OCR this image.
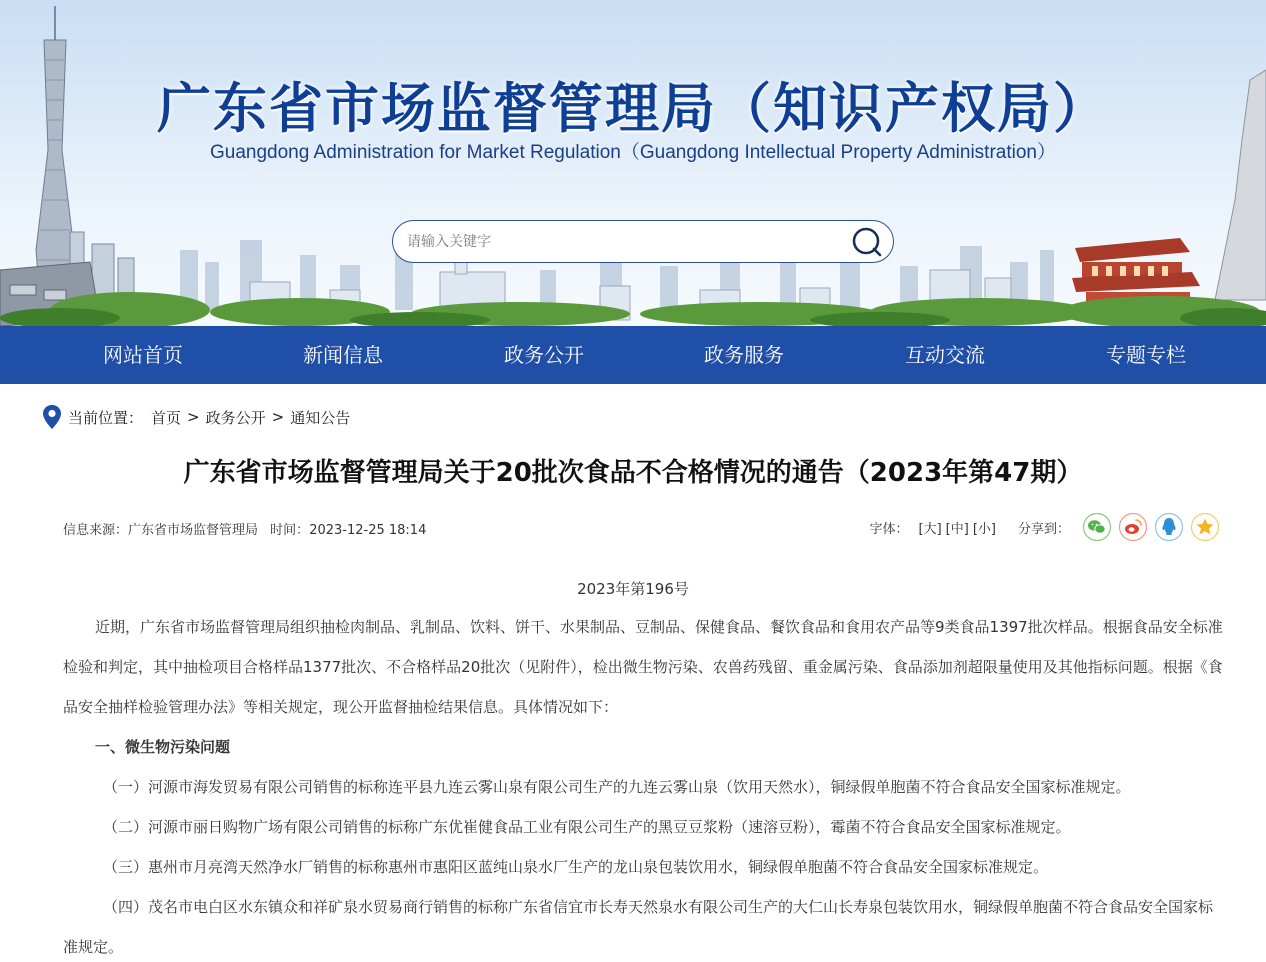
广东省市场监督管理局（知识产权局）
Guangdong Administration for Market Regulation（Guangdong Intellectual Property Administration）
请输入关键字
网站首页	新闻信息	政务公开	政务服务	互动交流	专题专栏
当前位置： 首页 > 政务公开 > 通知公告
广东省市场监督管理局关于20批次食品不合格情况的通告（2023年第47期）
信息来源：广东省市场监督管理局 时间：2023-12-25 18:14	字体： [大] [中] [小] 分享到：
2023年第196号

近期，广东省市场监督管理局组织抽检肉制品、乳制品、饮料、饼干、水果制品、豆制品、保健食品、餐饮食品和食用农产品等9类食品1397批次样品。根据食品安全标准检验和判定，其中抽检项目合格样品1377批次、不合格样品20批次（见附件），检出微生物污染、农兽药残留、重金属污染、食品添加剂超限量使用及其他指标问题。根据《食品安全抽样检验管理办法》等相关规定，现公开监督抽检结果信息。具体情况如下：

一、微生物污染问题

（一）河源市海发贸易有限公司销售的标称连平县九连云雾山泉有限公司生产的九连云雾山泉（饮用天然水），铜绿假单胞菌不符合食品安全国家标准规定。

（二）河源市丽日购物广场有限公司销售的标称广东优崔健食品工业有限公司生产的黑豆豆浆粉（速溶豆粉），霉菌不符合食品安全国家标准规定。

（三）惠州市月亮湾天然净水厂销售的标称惠州市惠阳区蓝纯山泉水厂生产的龙山泉包装饮用水，铜绿假单胞菌不符合食品安全国家标准规定。

（四）茂名市电白区水东镇众和祥矿泉水贸易商行销售的标称广东省信宜市长寿天然泉水有限公司生产的大仁山长寿泉包装饮用水，铜绿假单胞菌不符合食品安全国家标准规定。
